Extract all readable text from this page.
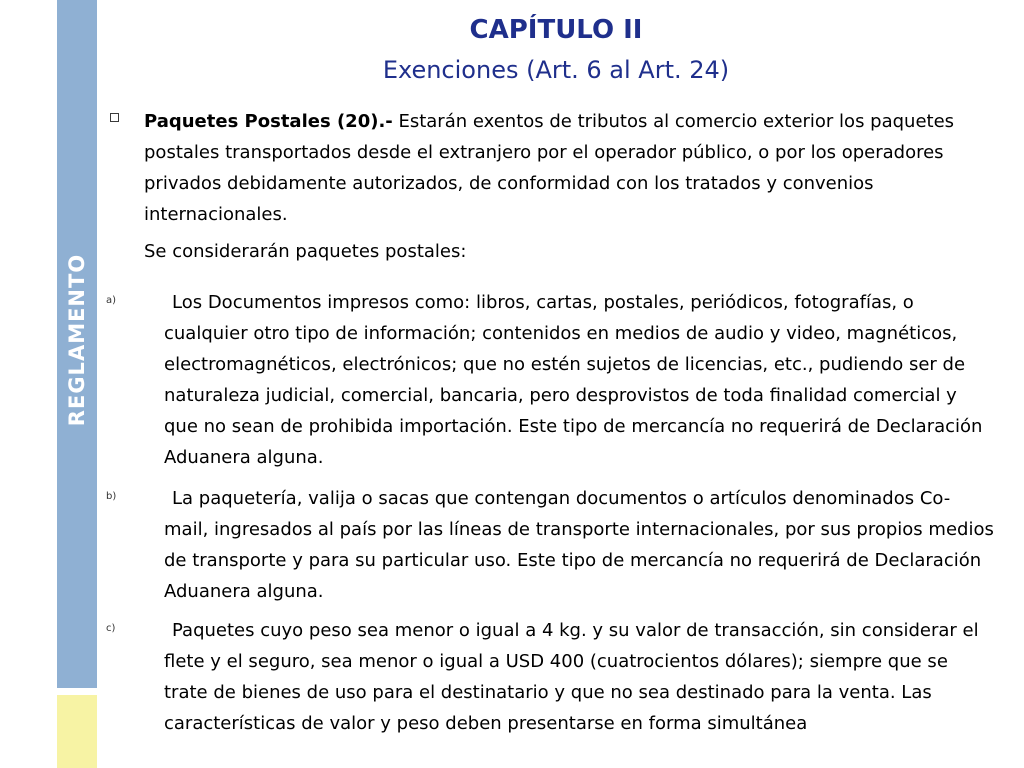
REGLAMENTO
CAPÍTULO II
Exenciones (Art. 6 al Art. 24)
Paquetes Postales (20).- Estarán exentos de tributos al comercio exterior los paquetes postales transportados desde el extranjero por el operador público, o por los operadores privados debidamente autorizados, de conformidad con los tratados y convenios internacionales.
Se considerarán paquetes postales:
a)	Los Documentos impresos como: libros, cartas, postales, periódicos, fotografías, o cualquier otro tipo de información; contenidos en medios de audio y video, magnéticos, electromagnéticos, electrónicos; que no estén sujetos de licencias, etc., pudiendo ser de naturaleza judicial, comercial, bancaria, pero desprovistos de toda finalidad comercial y que no sean de prohibida importación. Este tipo de mercancía no requerirá de Declaración Aduanera alguna.
b)	La paquetería, valija o sacas que contengan documentos o artículos denominados Co-mail, ingresados al país por las líneas de transporte internacionales, por sus propios medios de transporte y para su particular uso. Este tipo de mercancía no requerirá de Declaración Aduanera alguna.
c)	Paquetes cuyo peso sea menor o igual a 4 kg. y su valor de transacción, sin considerar el flete y el seguro, sea menor o igual a USD 400 (cuatrocientos dólares); siempre que se trate de bienes de uso para el destinatario y que no sea destinado para la venta. Las características de valor y peso deben presentarse en forma simultánea
